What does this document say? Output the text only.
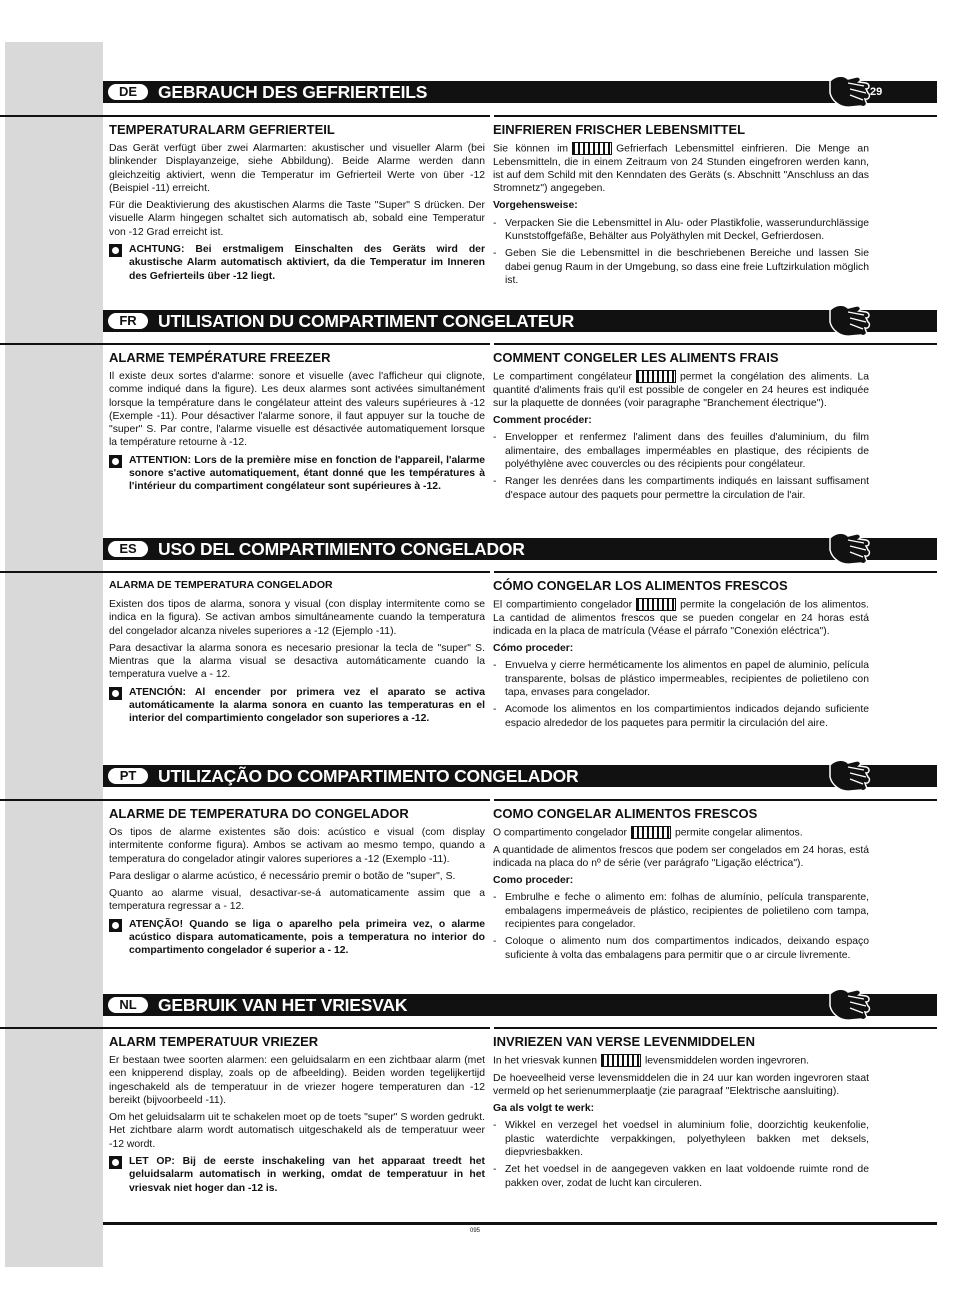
DE	GEBRAUCH DES GEFRIERTEILS
TEMPERATURALARM GEFRIERTEIL

Das Gerät verfügt über zwei Alarmarten: akustischer und visueller Alarm (bei blinkender Displayanzeige, siehe Abbildung). Beide Alarme werden dann gleichzeitig aktiviert, wenn die Temperatur im Gefrierteil Werte von über -12 (Beispiel -11) erreicht.

Für die Deaktivierung des akustischen Alarms die Taste "Super" S drücken. Der visuelle Alarm hingegen schaltet sich automatisch ab, sobald eine Temperatur von -12 Grad erreicht ist.

ACHTUNG: Bei erstmaligem Einschalten des Geräts wird der akustische Alarm automatisch aktiviert, da die Temperatur im Inneren des Gefrierteils über -12 liegt.
EINFRIEREN FRISCHER LEBENSMITTEL

Sie können im	Gefrierfach Lebensmittel einfrieren. Die Menge an Lebensmitteln, die in einem Zeitraum von 24 Stunden eingefroren werden kann, ist auf dem Schild mit den Kenndaten des Geräts (s. Abschnitt "Anschluss an das Stromnetz") angegeben.

Vorgehensweise:

- Verpacken Sie die Lebensmittel in Alu- oder Plastikfolie, wasserundurchlässige Kunststoffgefäße, Behälter aus Polyäthylen mit Deckel, Gefrierdosen.
- Geben Sie die Lebensmittel in die beschriebenen Bereiche und lassen Sie dabei genug Raum in der Umgebung, so dass eine freie Luftzirkulation möglich ist.
FR	UTILISATION DU COMPARTIMENT CONGELATEUR
ALARME TEMPÉRATURE FREEZER

Il existe deux sortes d'alarme: sonore et visuelle (avec l'afficheur qui clignote, comme indiqué dans la figure). Les deux alarmes sont activées simultanément lorsque la température dans le congélateur atteint des valeurs supérieures à -12 (Exemple -11). Pour désactiver l'alarme sonore, il faut appuyer sur la touche de "super" S. Par contre, l'alarme visuelle est désactivée automatiquement lorsque la température retourne à -12.

ATTENTION: Lors de la première mise en fonction de l'appareil, l'alarme sonore s'active automatiquement, étant donné que les températures à l'intérieur du compartiment congélateur sont supérieures à -12.
COMMENT CONGELER LES ALIMENTS FRAIS

Le compartiment congélateur	permet la congélation des aliments. La quantité d'aliments frais qu'il est possible de congeler en 24 heures est indiquée sur la plaquette de données (voir paragraphe "Branchement électrique").

Comment procéder:

- Envelopper et renfermez l'aliment dans des feuilles d'aluminium, du film alimentaire, des emballages imperméables en plastique, des récipients de polyéthylène avec couvercles ou des récipients pour congélateur.
- Ranger les denrées dans les compartiments indiqués en laissant suffisament d'espace autour des paquets pour permettre la circulation de l'air.
ES	USO DEL COMPARTIMIENTO CONGELADOR
ALARMA DE TEMPERATURA CONGELADOR

Existen dos tipos de alarma, sonora y visual (con display intermitente como se indica en la figura). Se activan ambos simultáneamente cuando la temperatura del congelador alcanza niveles superiores a -12 (Ejemplo -11).

Para desactivar la alarma sonora es necesario presionar la tecla de "super" S. Mientras que la alarma visual se desactiva automáticamente cuando la temperatura vuelve a - 12.

ATENCIÓN: Al encender por primera vez el aparato se activa automáticamente la alarma sonora en cuanto las temperaturas en el interior del compartimiento congelador son superiores a -12.
CÓMO CONGELAR LOS ALIMENTOS FRESCOS

El compartimiento congelador	permite la congelación de los alimentos. La cantidad de alimentos frescos que se pueden congelar en 24 horas está indicada en la placa de matrícula (Véase el párrafo "Conexión eléctrica").

Cómo proceder:

- Envuelva y cierre herméticamente los alimentos en papel de aluminio, película transparente, bolsas de plástico impermeables, recipientes de polietileno con tapa, envases para congelador.
- Acomode los alimentos en los compartimientos indicados dejando suficiente espacio alrededor de los paquetes para permitir la circulación del aire.
PT	UTILIZAÇÃO DO COMPARTIMENTO CONGELADOR
ALARME DE TEMPERATURA DO CONGELADOR

Os tipos de alarme existentes são dois: acústico e visual (com display intermitente conforme figura). Ambos se activam ao mesmo tempo, quando a temperatura do congelador atingir valores superiores a -12 (Exemplo -11).

Para desligar o alarme acústico, é necessário premir o botão de "super", S.

Quanto ao alarme visual, desactivar-se-á automaticamente assim que a temperatura regressar a - 12.

ATENÇÃO! Quando se liga o aparelho pela primeira vez, o alarme acústico dispara automaticamente, pois a temperatura no interior do compartimento congelador é superior a - 12.
COMO CONGELAR ALIMENTOS FRESCOS

O compartimento congelador	permite congelar alimentos.

A quantidade de alimentos frescos que podem ser congelados em 24 horas, está indicada na placa do nº de série (ver parágrafo "Ligação eléctrica").

Como proceder:

- Embrulhe e feche o alimento em: folhas de alumínio, película transparente, embalagens impermeáveis de plástico, recipientes de polietileno com tampa, recipientes para congelador.
- Coloque o alimento num dos compartimentos indicados, deixando espaço suficiente à volta das embalagens para permitir que o ar circule livremente.
NL	GEBRUIK VAN HET VRIESVAK
ALARM TEMPERATUUR VRIEZER

Er bestaan twee soorten alarmen: een geluidsalarm en een zichtbaar alarm (met een knipperend display, zoals op de afbeelding). Beiden worden tegelijkertijd ingeschakeld als de temperatuur in de vriezer hogere temperaturen dan -12 bereikt (bijvoorbeeld -11).

Om het geluidsalarm uit te schakelen moet op de toets "super" S worden gedrukt. Het zichtbare alarm wordt automatisch uitgeschakeld als de temperatuur weer -12 wordt.

LET OP: Bij de eerste inschakeling van het apparaat treedt het geluidsalarm automatisch in werking, omdat de temperatuur in het vriesvak niet hoger dan -12 is.
INVRIEZEN VAN VERSE LEVENMIDDELEN

In het vriesvak kunnen	levensmiddelen worden ingevroren.

De hoeveelheid verse levensmiddelen die in 24 uur kan worden ingevroren staat vermeld op het serienummerplaatje (zie paragraaf "Elektrische aansluiting).

Ga als volgt te werk:

- Wikkel en verzegel het voedsel in aluminium folie, doorzichtig keukenfolie, plastic waterdichte verpakkingen, polyethyleen bakken met deksels, diepvriesbakken.
- Zet het voedsel in de aangegeven vakken en laat voldoende ruimte rond de pakken over, zodat de lucht kan circuleren.
29
095
